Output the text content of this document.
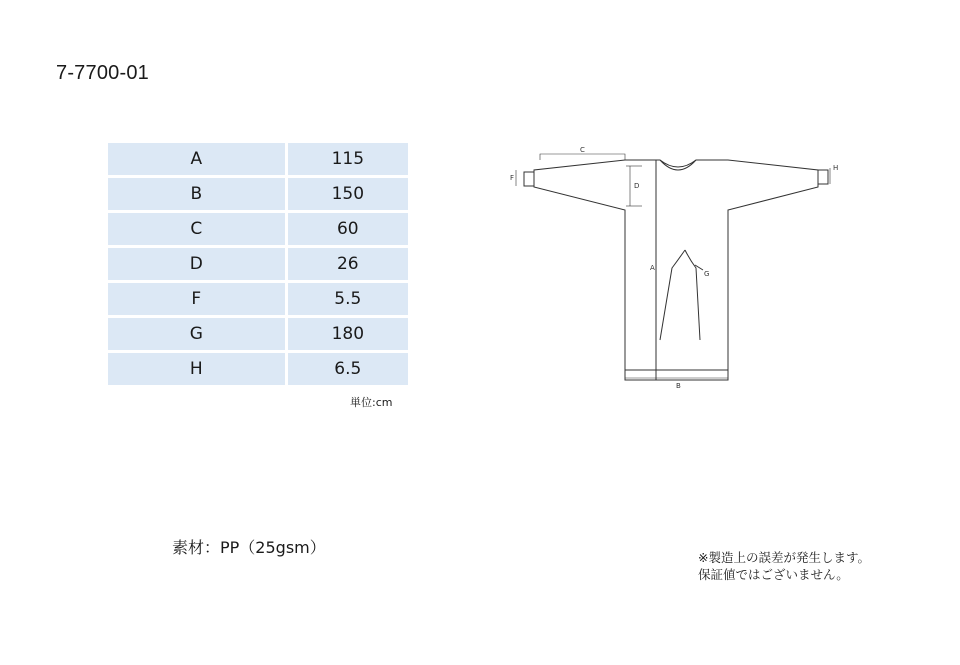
7-7700-01
A	115
B	150
C	60
D	26
F	5.5
G	180
H	6.5
単位:cm
C
D
A
B
F
G
H
素材：PP（25gsm）
※製造上の誤差が発生します。
保証値ではございません。
